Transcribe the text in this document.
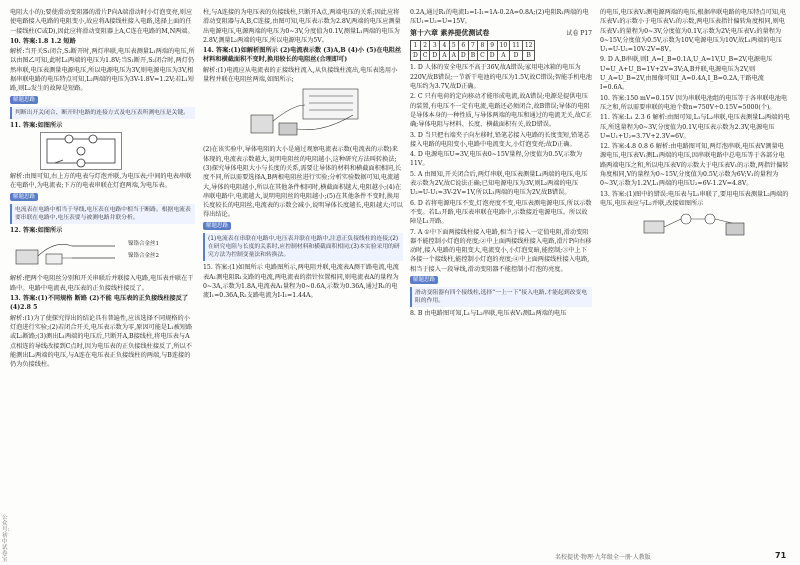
公众号:初中试卷宝

电阻大小的);要使滑动变阻器的滑片P向A端滑动时小灯泡变亮,则应使电路接入电路的电阻变小,故应将A接线柱接入电路,选择上面的任一接线柱(C或D),因此应将滑动变阻器上A,C连在电路的M,N两端。

10. 答案:1.8 1.2 短路

解析:当开关S₁闭合,S₂断开时,两灯串联,电压表测量L₁两端的电压,所以由图乙可知,此时L₁两端的电压为1.8V;当S₁断开,S₂闭合时,两灯仍然串联,电压表测量电源电压,所以电源电压为3V,则电源电压为3V,根据串联电路的电压特点可知,L₂两端的电压为3V-1.8V=1.2V;若L₁短路,则L₂发生的故障是短路。

解题思路
判断出开关闭合、断开时电路的连接方式及电压表所测电压是关键。

11. 答案:如图所示

解析:由图可知,右上方的电表与灯泡并联,为电压表;中间的电表串联在电路中,为电流表;下方的电表串联在灯泡两端,为电压表。

解题思路
电流表在电路中相当于导线,电压表在电路中相当于断路。根据电流表要串联在电路中,电压表要与被测电路并联分析。

12. 答案:如图所示

镍铬合金丝1
镍铬合金丝2

解析:把两个电阻丝分别和开关串联后并联接入电路,电压表并联在干路中。电路中电流表,电压表的正负接线柱接反了。

13. 答案:(1)不同规格 断路 (2)不能 电压表的正负接线柱接反了 (4)2.8 5

解析:(1)为了使探究得出的结论具有普遍性,应该选择不同规格的小灯泡进行实验;(2)若闭合开关,电压表示数为零,原因可能是L₁被短路或L₂断路;(3)测出L₁两端的电压后,只断开A,B接线柱,将电压表与A点相连的导线改接到C点时,因为电压表的正负接线柱接反了,所以不能测出L₂两端的电压,与A连在电压表正负接线柱的两端,与B连接的仍为负接线柱。

柱,与A连接的为电压表的负接线柱,只断开A点,两端电压的关系;因此应将滑动变阻器与A,B,C连接,由图可知,电压表示数为2.8V,两端的电压应测量出电源电压,电源两端的电压为0~3V,分度值为0.1V,测量L₁两端的电压为2.8V,测量L₂两端的电压,所以电源电压为5V。

14. 答案:(1)如解析图所示 (2)电流表示数 (3)A,B (4)小 (5)在电阻丝材料和横截面积不变时,换用较长的电阻丝(合理即可)

解析:(1)电流应从电流表的正接线柱流入,从负接线柱流出,电压表选用小量程并联在电阻丝两端,如图所示;

(2)在该实验中,导体电阻的大小是通过观察电流表示数(电流表的示数)来体现的,电流表示数越大,说明电阻丝的电阻越小,这种研究方法叫转换法;(3)探究导体电阻大小与长度的关系,需要让导体的材料和横截面积相同,长度不同,所以需要选择A,B两根电阻丝进行实验;分析实验数据可知,电流越大,导体的电阻越小,所以在其他条件相同时,横截面积越大,电阻越小;(4)在串联电路中,电流越大,说明电阻丝的电阻越小;(5)在其他条件不变时,换用长度较长的电阻丝,电流表的示数会减小,说明导体长度越长,电阻越大;可以得出结论。

解题思路
(1)电流表在串联在电路中,电压表并联在电路中,注意正负接线柱的连接;(2)在研究电阻与长度的关系时,应控制材料和横截面积相同;(3)本实验采用的研究方法为控制变量法和转换法。

15. 答案:(1)如图所示 电路图所示,两电阻并联,电流表A测干路电流,电流表A₁测电阻R₁支路的电流,两电流表的指针位置相同,则电流表A的量程为0~3A,示数为1.8A,电流表A₁量程为0~0.6A,示数为0.36A,通过R₁的电流I₁=0.36A,R₂支路电流为I-I₁=1.44A。

0.2A,通过R₁的电流I₂=I-I₁=1A-0.2A=0.8A;(2)电阻R₁两端的电压U₁=U₂=U=15V。

第十六章 素养提优测试卷	试卷 P17
1	2	3	4	5	6	7	8	9	10	11	12
D	C	D	A	A	D	B	C	D	A	D	B

1. D 人体的安全电压不高于36V,故A错误;家用电冰箱的电压为220V,故B错误;一节新干电池的电压为1.5V,故C错误;智能手机电池电压约为3.7V,故D正确。

2. C 只有电荷的定向移动才能形成电流,故A错误;电源是提供电压的装置,有电压不一定有电流,电路还必须闭合,故B错误;导体的电阻是导体本身的一种性质,与导体两端的电压和通过的电流无关,故C正确;导体电阻与材料、长度、横截面积有关,故D错误。

3. D 当只把右端夹子向左移时,铅笔芯接入电路的长度变短,铅笔芯接入电路的电阻变小,电路中电流变大,小灯泡变亮;故D正确。

4. D 电源电压U=3V,电压表0~15V量程,分度值为0.5V,示数为11V。

5. A 由图知,开关闭合后,两灯串联,电压表测量L₁两端的电压,电压表示数为2V,故C说法正确;已知电源电压为3V,则L₂两端的电压U₂=U-U₁=3V-2V=1V,所以L₁两端的电压为2V,故B错误。

6. D 若将电源电压不变,灯泡亮度不变,电压表测电源电压,所以示数不变。若L₁开路,电压表串联在电路中,示数接近电源电压。所以故障是L₁开路。

7. A ①中下面两接线柱接入电路,相当于接入一定值电阻,滑动变阻器不能控制小灯泡的亮度;②中上面两接线柱接入电路,滑片P向右移动时,接入电路的电阻变大,电流变小,小灯泡变暗,能控制;③中上下各接一个接线柱,能控制小灯泡的亮度;④中上面两接线柱接入电路,相当于接入一段导线,滑动变阻器不能控制小灯泡的亮度。

解题思路
滑动变阻器有四个接线柱,选择“一上一下”接入电路,才能起到改变电阻的作用。

8. B 由电路图可知,L₁与L₂串联,电压表V₁测L₂两端的电压

的电压,电压表V₂测电源两端的电压,根据串联电路的电压特点可知,电压表V₁的示数小于电压表V₂的示数,两电压表指针偏转角度相同,则电压表V₁的量程为0~3V,分度值为0.1V,示数为2V;电压表V₂的量程为0~15V,分度值为0.5V,示数为10V,电源电压为10V,故L₁两端的电压U₁=U-U₂=10V-2V=8V。

9. D A,B串联,则I_A=I_B=0.1A,U_A=1V,U_B=2V,电源电压U=U_A+U_B=1V+2V=3V;A,B并联,电源电压为2V,则U_A=U_B=2V,由图像可知I_A=0.4A,I_B=0.2A,干路电流I=0.6A。

10. 答案:150 mV=0.15V 因为串联电池组的电压等于各串联电池电压之和,所以需要串联的电池个数n=750V÷0.15V≈5000(个)。

11. 答案:L₁ 2.3 6 解析:由图可知,L₁与L₂串联,电压表测量L₂两端的电压,所选量程为0~3V,分度值为0.1V,电压表示数为2.3V,电源电压U=U₁+U₂=3.7V+2.3V=6V。

12. 答案:4.8 0.8 6 解析:由电路图可知,两灯泡串联,电压表V测量电源电压,电压表V₁测L₁两端的电压,因串联电路中总电压等于各部分电路两端电压之和,所以电压表V的示数大于电压表V₁的示数,两指针偏转角度相同,V的量程为0~15V,分度值为0.5V,示数为6V;V₁的量程为0~3V,示数为1.2V,L₁两端的电压U₂=6V-1.2V=4.8V。

13. 答案:(1)图中的错误:电压表与L₁串联了,要用电压表测量L₂两端的电压,电压表应与L₂并联,改接如图所示

名校提优·物理·九年级全一册·人教版	71
